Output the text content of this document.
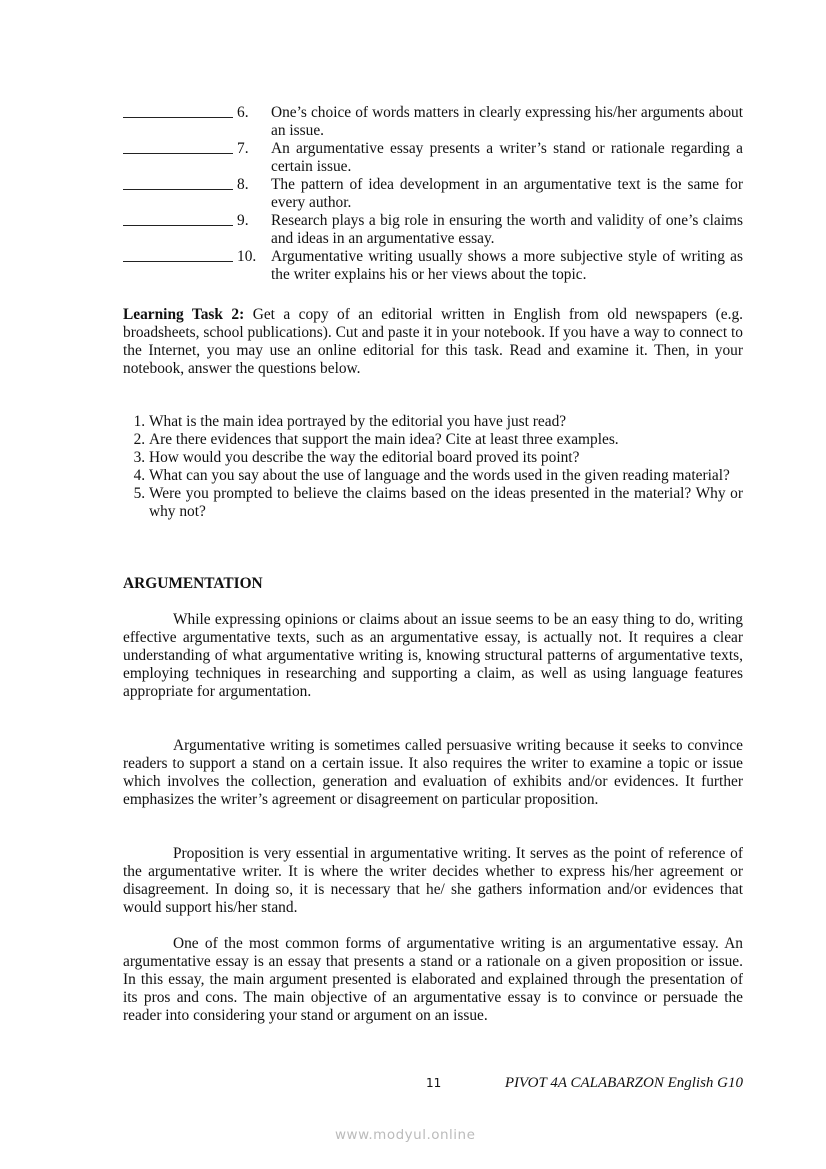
6.	One’s choice of words matters in clearly expressing his/her arguments about an issue.
7.	An argumentative essay presents a writer’s stand or rationale regarding a certain issue.
8.	The pattern of idea development in an argumentative text is the same for every author.
9.	Research plays a big role in ensuring the worth and validity of one’s claims and ideas in an argumentative essay.
10. Argumentative writing usually shows a more subjective style of writing as the writer explains his or her views about the topic.

Learning Task 2: Get a copy of an editorial written in English from old newspapers (e.g. broadsheets, school publications). Cut and paste it in your notebook. If you have a way to connect to the Internet, you may use an online editorial for this task. Read and examine it. Then, in your notebook, answer the questions below.

1. What is the main idea portrayed by the editorial you have just read?
2. Are there evidences that support the main idea? Cite at least three examples.
3. How would you describe the way the editorial board proved its point?
4. What can you say about the use of language and the words used in the given reading material?
5. Were you prompted to believe the claims based on the ideas presented in the material? Why or why not?
ARGUMENTATION

While expressing opinions or claims about an issue seems to be an easy thing to do, writing effective argumentative texts, such as an argumentative essay, is actually not. It requires a clear understanding of what argumentative writing is, knowing structural patterns of argumentative texts, employing techniques in researching and supporting a claim, as well as using language features appropriate for argumentation.

Argumentative writing is sometimes called persuasive writing because it seeks to convince readers to support a stand on a certain issue. It also requires the writer to examine a topic or issue which involves the collection, generation and evaluation of exhibits and/or evidences. It further emphasizes the writer’s agreement or disagreement on particular proposition.

Proposition is very essential in argumentative writing. It serves as the point of reference of the argumentative writer. It is where the writer decides whether to express his/her agreement or disagreement. In doing so, it is necessary that he/ she gathers information and/or evidences that would support his/her stand.

One of the most common forms of argumentative writing is an argumentative essay. An argumentative essay is an essay that presents a stand or a rationale on a given proposition or issue. In this essay, the main argument presented is elaborated and explained through the presentation of its pros and cons. The main objective of an argumentative essay is to convince or persuade the reader into considering your stand or argument on an issue.

11	PIVOT 4A CALABARZON English G10
www.modyul.online
